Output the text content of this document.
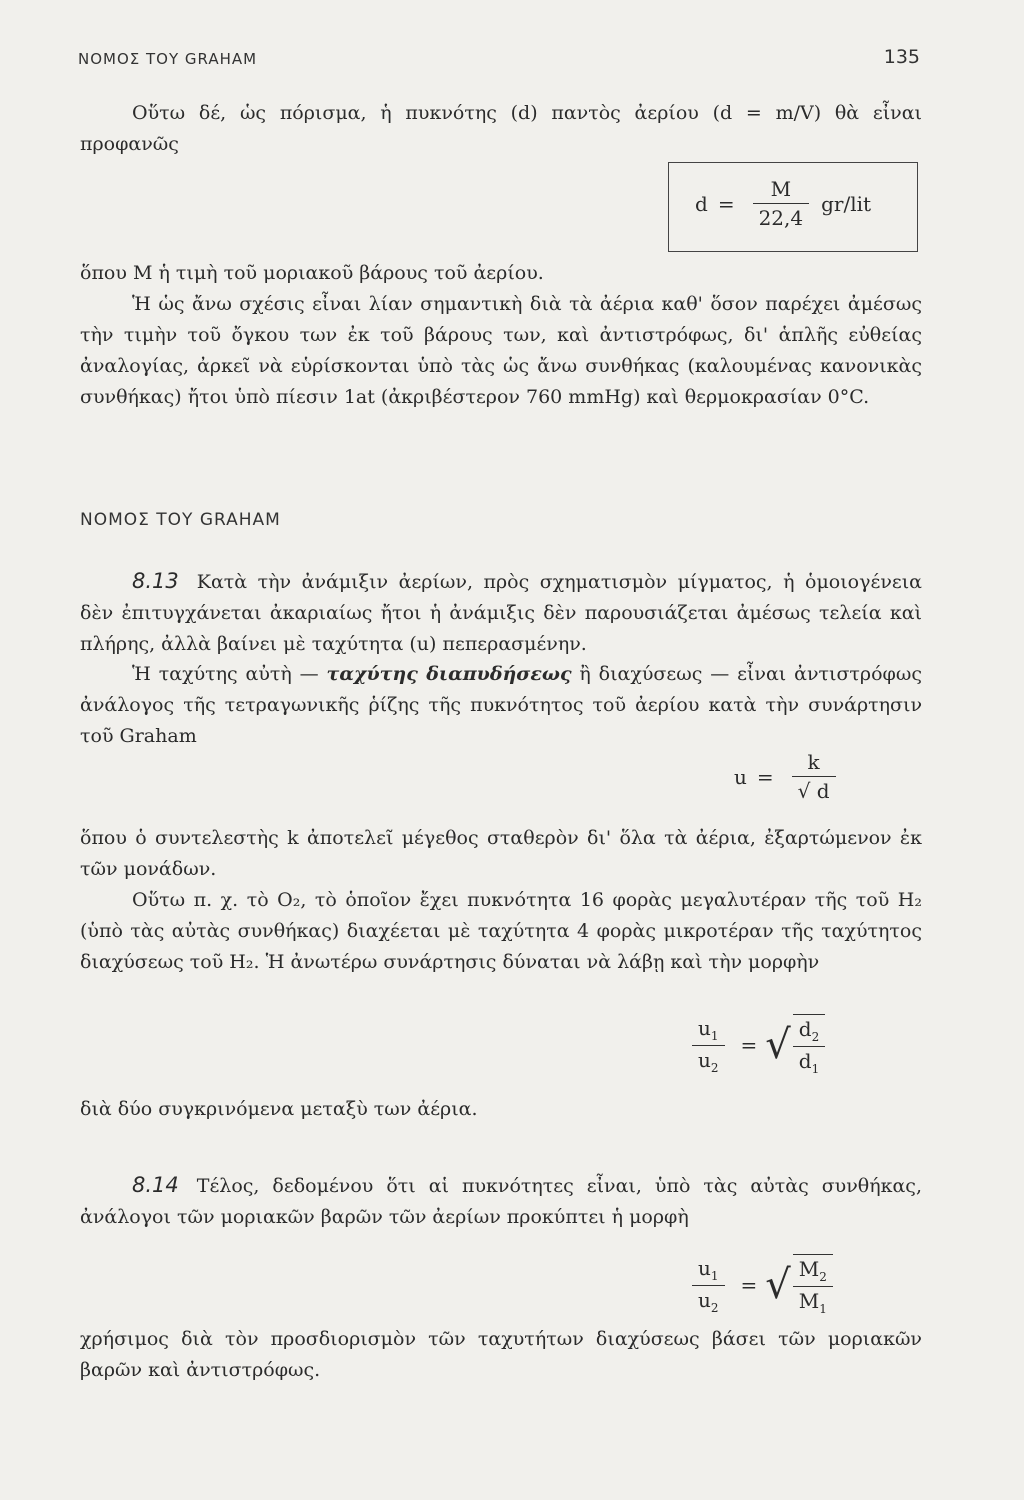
ΝΟΜΟΣ ΤΟΥ GRAHAM	135

Οὕτω δέ, ὡς πόρισμα, ἡ πυκνότης (d) παντὸς ἀερίου (d = m/V) θὰ εἶναι προφανῶς

$d = \frac{M}{22,4} gr/lit$

ὅπου Μ ἡ τιμὴ τοῦ μοριακοῦ βάρους τοῦ ἀερίου.

Ἡ ὡς ἄνω σχέσις εἶναι λίαν σημαντικὴ διὰ τὰ ἀέρια καθ' ὅσον παρέχει ἀμέσως τὴν τιμὴν τοῦ ὄγκου των ἐκ τοῦ βάρους των, καὶ ἀντιστρόφως, δι' ἁπλῆς εὐθείας ἀναλογίας, ἀρκεῖ νὰ εὑρίσκονται ὑπὸ τὰς ὡς ἄνω συνθήκας (καλουμένας κανονικὰς συνθήκας) ἤτοι ὑπὸ πίεσιν 1at (ἀκριβέστερον 760 mmHg) καὶ θερμοκρασίαν 0°C.

ΝΟΜΟΣ ΤΟΥ GRAHAM

8.13 Κατὰ τὴν ἀνάμιξιν ἀερίων, πρὸς σχηματισμὸν μίγματος, ἡ ὁμοιογένεια δὲν ἐπιτυγχάνεται ἀκαριαίως ἤτοι ἡ ἀνάμιξις δὲν παρουσιάζεται ἀμέσως τελεία καὶ πλήρης, ἀλλὰ βαίνει μὲ ταχύτητα (u) πεπερασμένην.

Ἡ ταχύτης αὐτὴ — ταχύτης διαπυδήσεως ἢ διαχύσεως — εἶναι ἀντιστρόφως ἀνάλογος τῆς τετραγωνικῆς ῥίζης τῆς πυκνότητος τοῦ ἀερίου κατὰ τὴν συνάρτησιν τοῦ Graham

$u = \frac{k}{√ d}$

ὅπου ὁ συντελεστὴς k ἀποτελεῖ μέγεθος σταθερὸν δι' ὅλα τὰ ἀέρια, ἐξαρτώμενον ἐκ τῶν μονάδων.

Οὕτω π. χ. τὸ O₂, τὸ ὁποῖον ἔχει πυκνότητα 16 φορὰς μεγαλυτέραν τῆς τοῦ H₂ (ὑπὸ τὰς αὐτὰς συνθήκας) διαχέεται μὲ ταχύτητα 4 φορὰς μικροτέραν τῆς ταχύτητος διαχύσεως τοῦ H₂. Ἡ ἀνωτέρω συνάρτησις δύναται νὰ λάβῃ καὶ τὴν μορφὴν

$\frac{u_1}{u_2}$ = √ $\frac{d_2}{d_1}$

διὰ δύο συγκρινόμενα μεταξὺ των ἀέρια.

8.14 Τέλος, δεδομένου ὅτι αἱ πυκνότητες εἶναι, ὑπὸ τὰς αὐτὰς συνθήκας, ἀνάλογοι τῶν μοριακῶν βαρῶν τῶν ἀερίων προκύπτει ἡ μορφὴ

$\frac{u_1}{u_2}$ = √ $\frac{M_2}{M_1}$

χρήσιμος διὰ τὸν προσδιορισμὸν τῶν ταχυτήτων διαχύσεως βάσει τῶν μοριακῶν βαρῶν καὶ ἀντιστρόφως.
